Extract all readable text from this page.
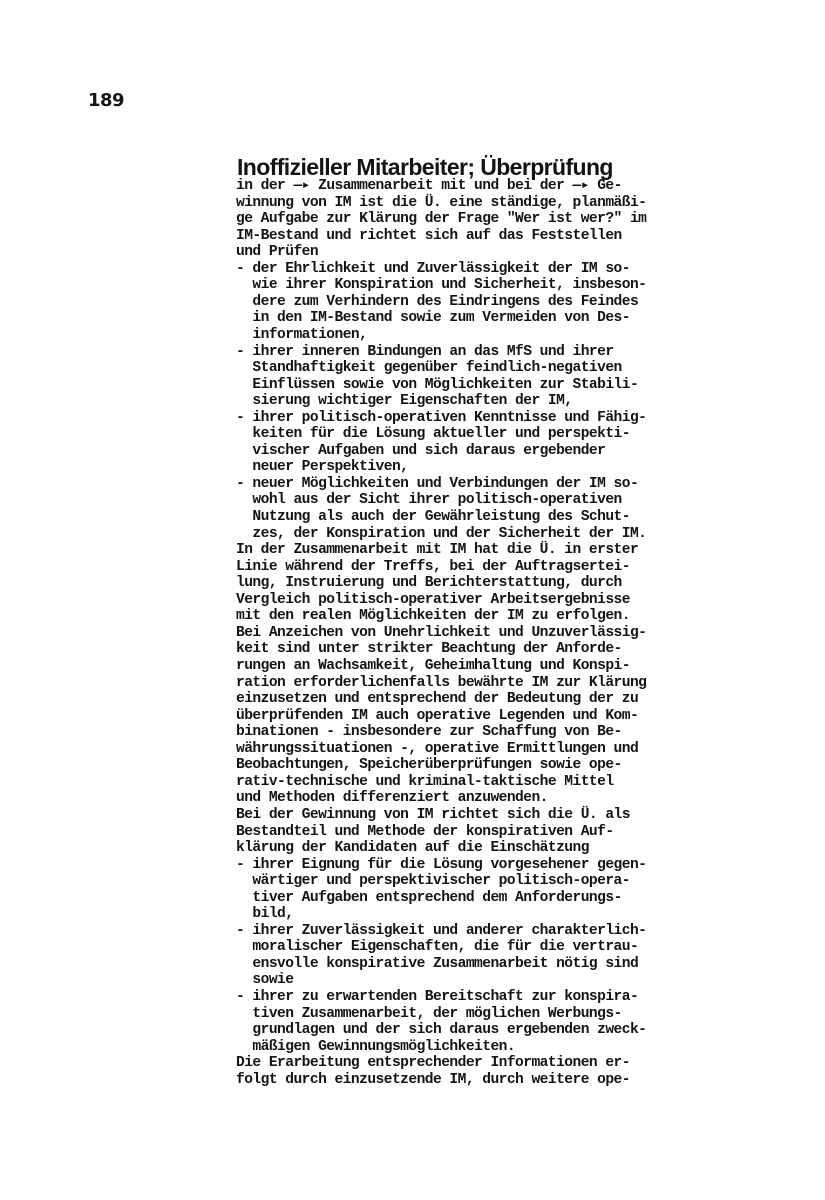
189
Inoffizieller Mitarbeiter; Überprüfung
in der —▸ Zusammenarbeit mit und bei der —▸ Ge-
winnung von IM ist die Ü. eine ständige, planmäßi-
ge Aufgabe zur Klärung der Frage "Wer ist wer?" im
IM-Bestand und richtet sich auf das Feststellen
und Prüfen
- der Ehrlichkeit und Zuverlässigkeit der IM so-
wie ihrer Konspiration und Sicherheit, insbeson-
dere zum Verhindern des Eindringens des Feindes
in den IM-Bestand sowie zum Vermeiden von Des-
informationen,
- ihrer inneren Bindungen an das MfS und ihrer
Standhaftigkeit gegenüber feindlich-negativen
Einflüssen sowie von Möglichkeiten zur Stabili-
sierung wichtiger Eigenschaften der IM,
- ihrer politisch-operativen Kenntnisse und Fähig-
keiten für die Lösung aktueller und perspekti-
vischer Aufgaben und sich daraus ergebender
neuer Perspektiven,
- neuer Möglichkeiten und Verbindungen der IM so-
wohl aus der Sicht ihrer politisch-operativen
Nutzung als auch der Gewährleistung des Schut-
zes, der Konspiration und der Sicherheit der IM.
In der Zusammenarbeit mit IM hat die Ü. in erster
Linie während der Treffs, bei der Auftragsertei-
lung, Instruierung und Berichterstattung, durch
Vergleich politisch-operativer Arbeitsergebnisse
mit den realen Möglichkeiten der IM zu erfolgen.
Bei Anzeichen von Unehrlichkeit und Unzuverlässig-
keit sind unter strikter Beachtung der Anforde-
rungen an Wachsamkeit, Geheimhaltung und Konspi-
ration erforderlichenfalls bewährte IM zur Klärung
einzusetzen und entsprechend der Bedeutung der zu
überprüfenden IM auch operative Legenden und Kom-
binationen - insbesondere zur Schaffung von Be-
währungssituationen -, operative Ermittlungen und
Beobachtungen, Speicherüberprüfungen sowie ope-
rativ-technische und kriminal-taktische Mittel
und Methoden differenziert anzuwenden.
Bei der Gewinnung von IM richtet sich die Ü. als
Bestandteil und Methode der konspirativen Auf-
klärung der Kandidaten auf die Einschätzung
- ihrer Eignung für die Lösung vorgesehener gegen-
wärtiger und perspektivischer politisch-opera-
tiver Aufgaben entsprechend dem Anforderungs-
bild,
- ihrer Zuverlässigkeit und anderer charakterlich-
moralischer Eigenschaften, die für die vertrau-
ensvolle konspirative Zusammenarbeit nötig sind
sowie
- ihrer zu erwartenden Bereitschaft zur konspira-
tiven Zusammenarbeit, der möglichen Werbungs-
grundlagen und der sich daraus ergebenden zweck-
mäßigen Gewinnungsmöglichkeiten.
Die Erarbeitung entsprechender Informationen er-
folgt durch einzusetzende IM, durch weitere ope-
